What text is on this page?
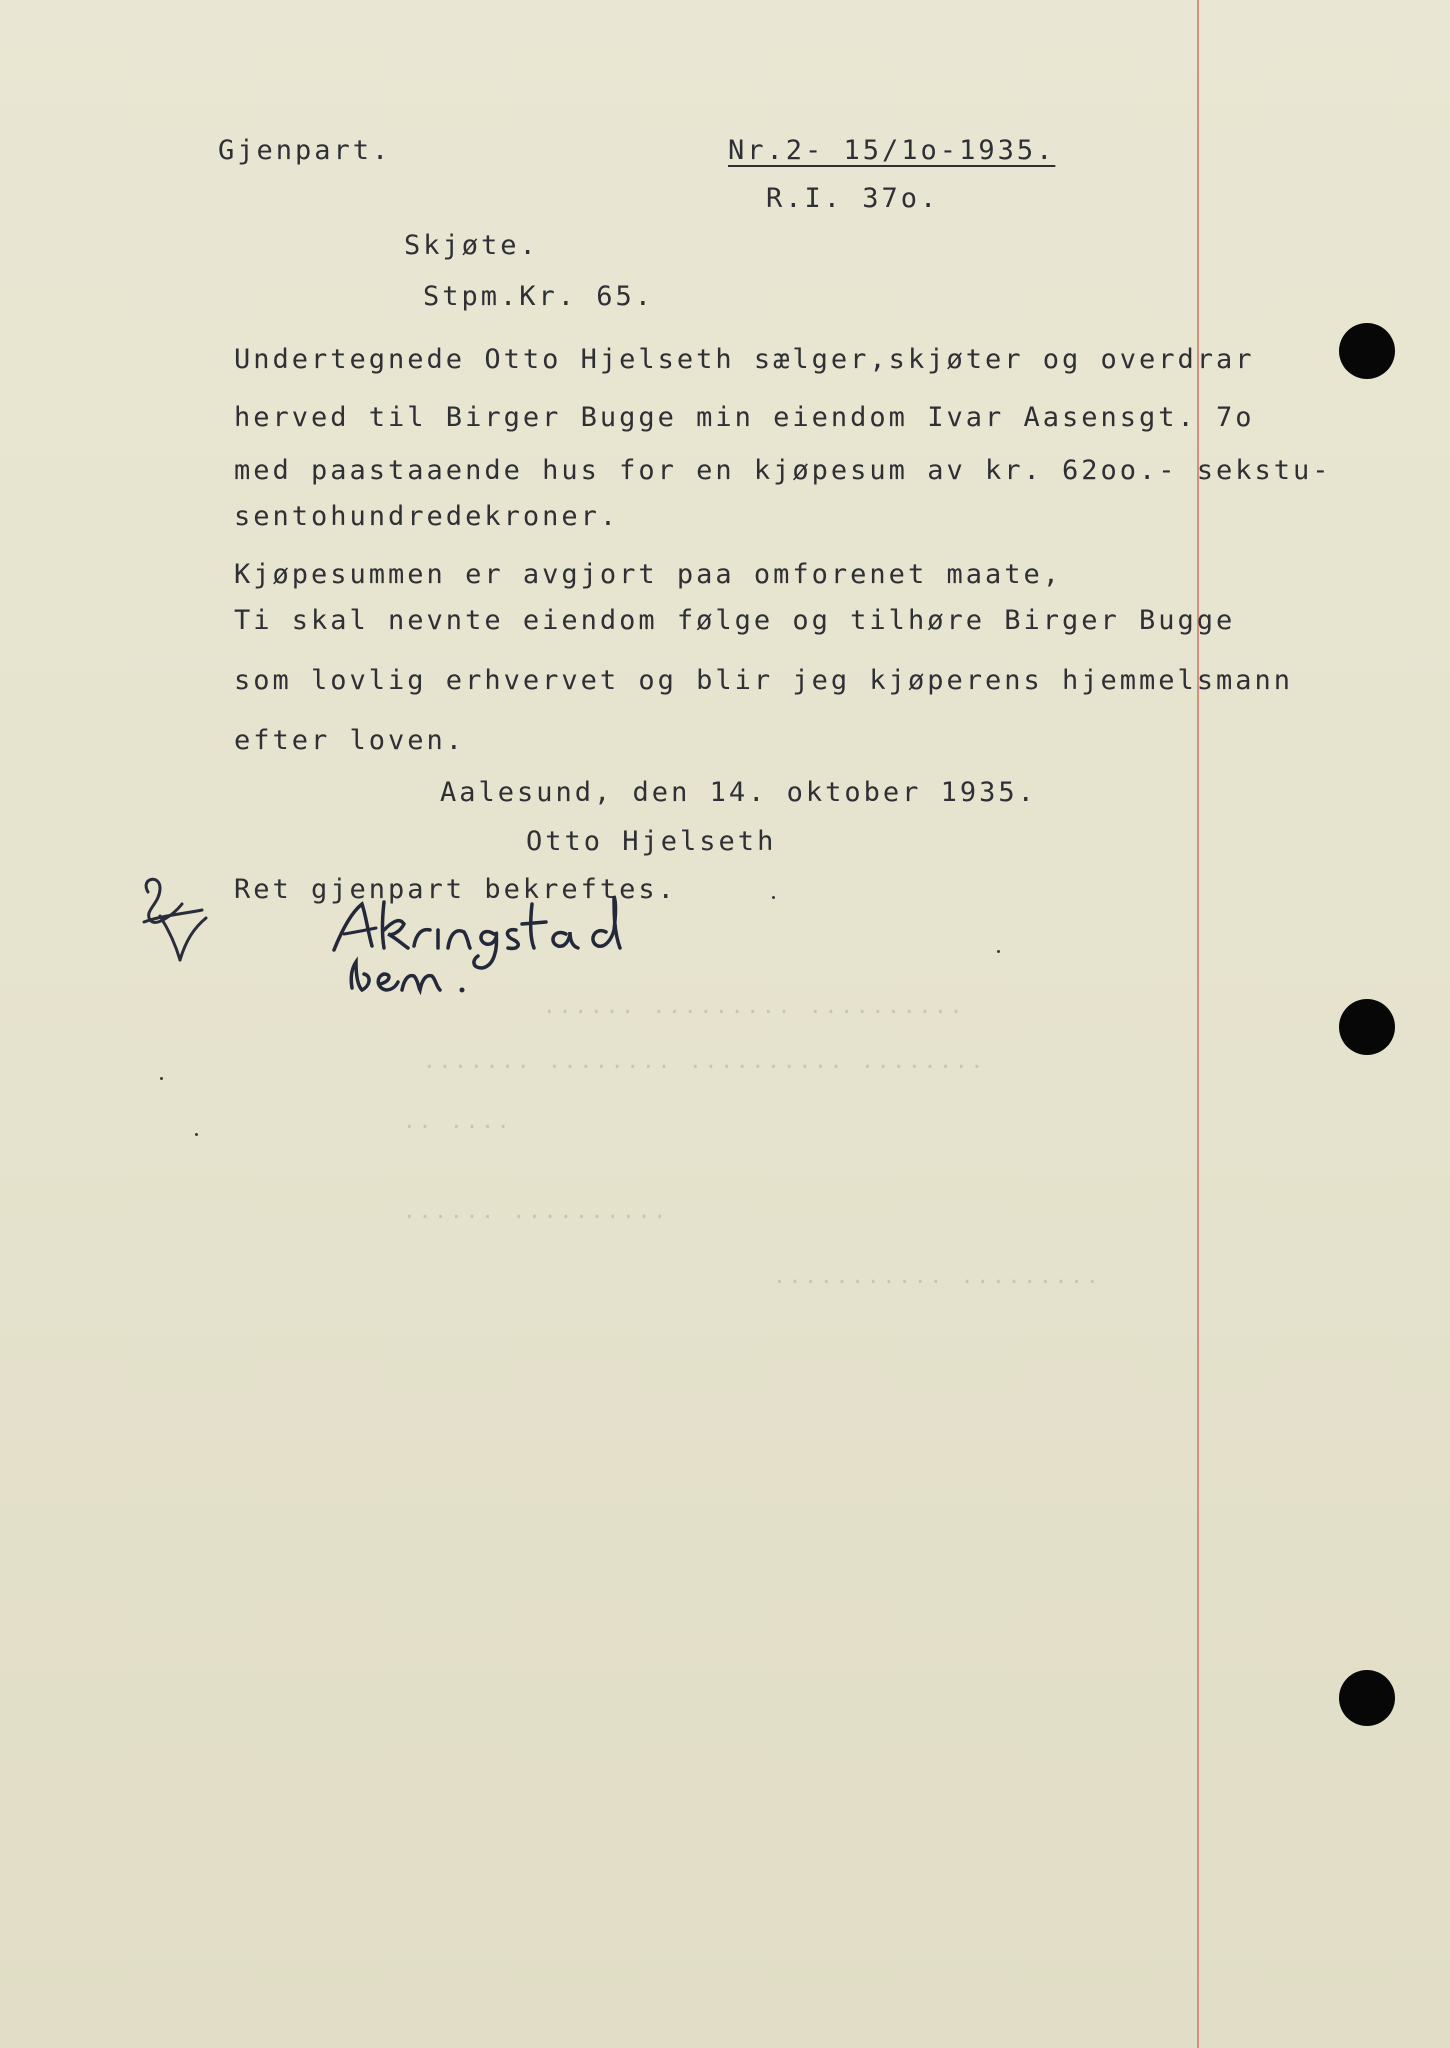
·········· ········· ······
········ ·········· ········ ·······
···· ··
·········· ······
········· ···········
Gjenpart.	Nr.2- 15/1o-1935.
R.I. 37o.
Skjøte.
Stpm.Kr. 65.
Undertegnede Otto Hjelseth sælger,skjøter og overdrar
herved til Birger Bugge min eiendom Ivar Aasensgt. 7o
med paastaaende hus for en kjøpesum av kr. 62oo.- sekstu-
sentohundredekroner.
Kjøpesummen er avgjort paa omforenet maate,
Ti skal nevnte eiendom følge og tilhøre Birger Bugge
som lovlig erhvervet og blir jeg kjøperens hjemmelsmann
efter loven.
Aalesund, den 14. oktober 1935.
Otto Hjelseth
Ret gjenpart bekreftes.
